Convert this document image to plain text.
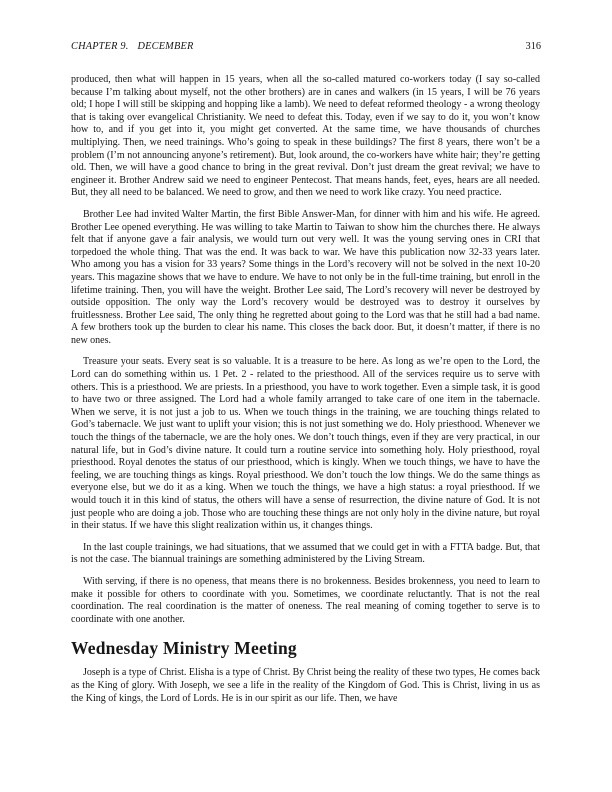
CHAPTER 9. DECEMBER	316

produced, then what will happen in 15 years, when all the so-called matured co-workers today (I say so-called because I’m talking about myself, not the other brothers) are in canes and walkers (in 15 years, I will be 76 years old; I hope I will still be skipping and hopping like a lamb). We need to defeat reformed theology - a wrong theology that is taking over evangelical Christianity. We need to defeat this. Today, even if we say to do it, you won’t know how to, and if you get into it, you might get converted. At the same time, we have thousands of churches multiplying. Then, we need trainings. Who’s going to speak in these buildings? The first 8 years, there won’t be a problem (I’m not announcing anyone’s retirement). But, look around, the co-workers have white hair; they’re getting old. Then, we will have a good chance to bring in the great revival. Don’t just dream the great revival; we have to engineer it. Brother Andrew said we need to engineer Pentecost. That means hands, feet, eyes, hears are all needed. But, they all need to be balanced. We need to grow, and then we need to work like crazy. You need practice.

Brother Lee had invited Walter Martin, the first Bible Answer-Man, for dinner with him and his wife. He agreed. Brother Lee opened everything. He was willing to take Martin to Taiwan to show him the churches there. He always felt that if anyone gave a fair analysis, we would turn out very well. It was the young serving ones in CRI that torpedoed the whole thing. That was the end. It was back to war. We have this publication now 32-33 years later. Who among you has a vision for 33 years? Some things in the Lord’s recovery will not be solved in the next 10-20 years. This magazine shows that we have to endure. We have to not only be in the full-time training, but enroll in the lifetime training. Then, you will have the weight. Brother Lee said, The Lord’s recovery will never be destroyed by outside opposition. The only way the Lord’s recovery would be destroyed was to destroy it ourselves by fruitlessness. Brother Lee said, The only thing he regretted about going to the Lord was that he still had a bad name. A few brothers took up the burden to clear his name. This closes the back door. But, it doesn’t matter, if there is no new ones.

Treasure your seats. Every seat is so valuable. It is a treasure to be here. As long as we’re open to the Lord, the Lord can do something within us. 1 Pet. 2 - related to the priesthood. All of the services require us to serve with others. This is a priesthood. We are priests. In a priesthood, you have to work together. Even a simple task, it is good to have two or three assigned. The Lord had a whole family arranged to take care of one item in the tabernacle. When we serve, it is not just a job to us. When we touch things in the training, we are touching things related to God’s tabernacle. We just want to uplift your vision; this is not just something we do. Holy priesthood. Whenever we touch the things of the tabernacle, we are the holy ones. We don’t touch things, even if they are very practical, in our natural life, but in God’s divine nature. It could turn a routine service into something holy. Holy priesthood, royal priesthood. Royal denotes the status of our priesthood, which is kingly. When we touch things, we have to have the feeling, we are touching things as kings. Royal priesthood. We don’t touch the low things. We do the same things as everyone else, but we do it as a king. When we touch the things, we have a high status: a royal priesthood. If we would touch it in this kind of status, the others will have a sense of resurrection, the divine nature of God. It is not just people who are doing a job. Those who are touching these things are not only holy in the divine nature, but royal in their status. If we have this slight realization within us, it changes things.

In the last couple trainings, we had situations, that we assumed that we could get in with a FTTA badge. But, that is not the case. The biannual trainings are something administered by the Living Stream.

With serving, if there is no openess, that means there is no brokenness. Besides brokenness, you need to learn to make it possible for others to coordinate with you. Sometimes, we coordinate reluctantly. That is not the real coordination. The real coordination is the matter of oneness. The real meaning of coming together to serve is to coordinate with one another.

Wednesday Ministry Meeting

Joseph is a type of Christ. Elisha is a type of Christ. By Christ being the reality of these two types, He comes back as the King of glory. With Joseph, we see a life in the reality of the Kingdom of God. This is Christ, living in us as the King of kings, the Lord of Lords. He is in our spirit as our life. Then, we have
